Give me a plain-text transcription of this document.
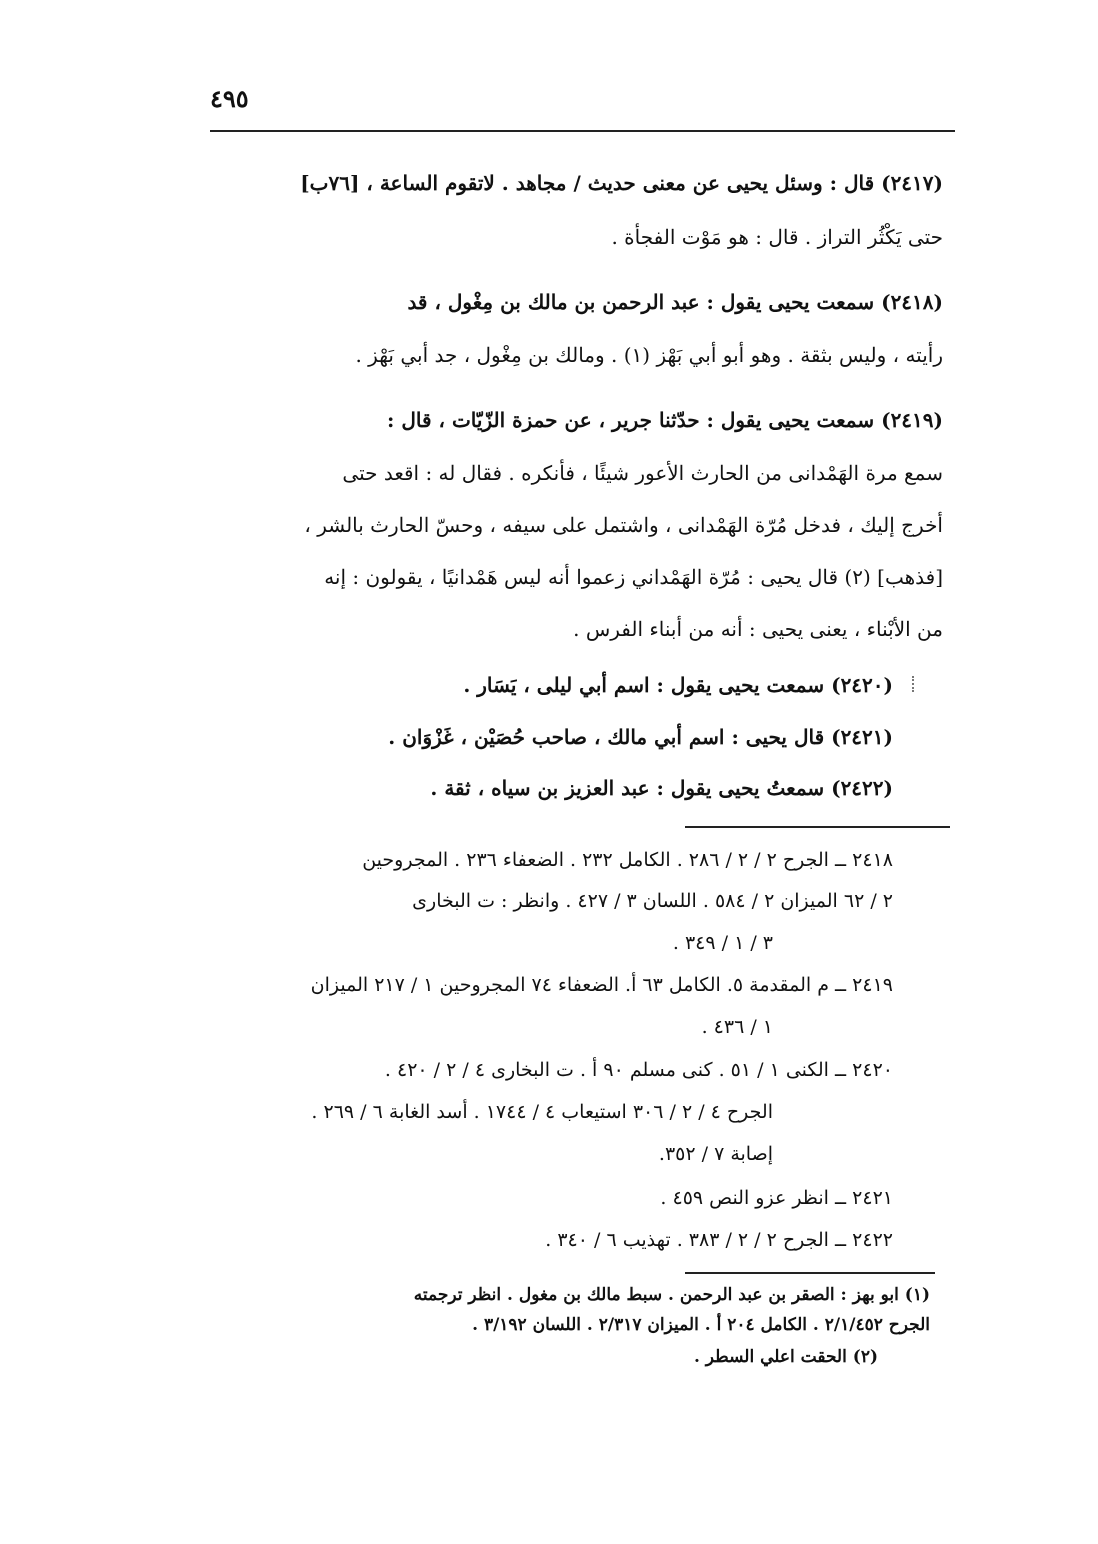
٤٩٥
(٢٤١٧) قال : وسئل يحيى عن معنى حديث / مجاهد . لاتقوم الساعة ، [٧٦ب]
حتى يَكْثُر التراز . قال : هو مَوْت الفجأة .
(٢٤١٨) سمعت يحيى يقول : عبد الرحمن بن مالك بن مِغْول ، قد
رأيته ، وليس بثقة . وهو أبو أبي بَهْز (١) . ومالك بن مِغْول ، جد أبي بَهْز .
(٢٤١٩) سمعت يحيى يقول : حدّثنا جرير ، عن حمزة الزّيّات ، قال :
سمع مرة الهَمْدانى من الحارث الأعور شيئًا ، فأنكره . فقال له : اقعد حتى
أخرج إليك ، فدخل مُرّة الهَمْدانى ، واشتمل على سيفه ، وحسّ الحارث بالشر ،
[فذهب] (٢) قال يحيى : مُرّة الهَمْداني زعموا أنه ليس هَمْدانيًا ، يقولون : إنه
من الأبْناء ، يعنى يحيى : أنه من أبناء الفرس .
(٢٤٢٠) سمعت يحيى يقول : اسم أبي ليلى ، يَسَار .
(٢٤٢١) قال يحيى : اسم أبي مالك ، صاحب حُصَيْن ، غَزْوَان .
(٢٤٢٢) سمعتُ يحيى يقول : عبد العزيز بن سياه ، ثقة .
٢٤١٨ ــ الجرح ٢ / ٢ / ٢٨٦ . الكامل ٢٣٢ . الضعفاء ٢٣٦ . المجروحين
٢ / ٦٢ الميزان ٢ / ٥٨٤ . اللسان ٣ / ٤٢٧ . وانظر : ت البخارى
٣ / ١ / ٣٤٩ .
٢٤١٩ ــ م المقدمة ٥. الكامل ٦٣ أ. الضعفاء ٧٤ المجروحين ١ / ٢١٧ الميزان
١ / ٤٣٦ .
٢٤٢٠ ــ الكنى ١ / ٥١ . كنى مسلم ٩٠ أ . ت البخارى ٤ / ٢ / ٤٢٠ .
الجرح ٤ / ٢ / ٣٠٦ استيعاب ٤ / ١٧٤٤ . أسد الغابة ٦ / ٢٦٩ .
إصابة ٧ / ٣٥٢.
٢٤٢١ ــ انظر عزو النص ٤٥٩ .
٢٤٢٢ ــ الجرح ٢ / ٢ / ٣٨٣ . تهذيب ٦ / ٣٤٠ .
(١) ابو بهز : الصقر بن عبد الرحمن . سبط مالك بن مغول . انظر ترجمته
الجرح ٢/١/٤٥٢ . الكامل ٢٠٤ أ . الميزان ٢/٣١٧ . اللسان ٣/١٩٢ .
(٢) الحقت اعلي السطر .
